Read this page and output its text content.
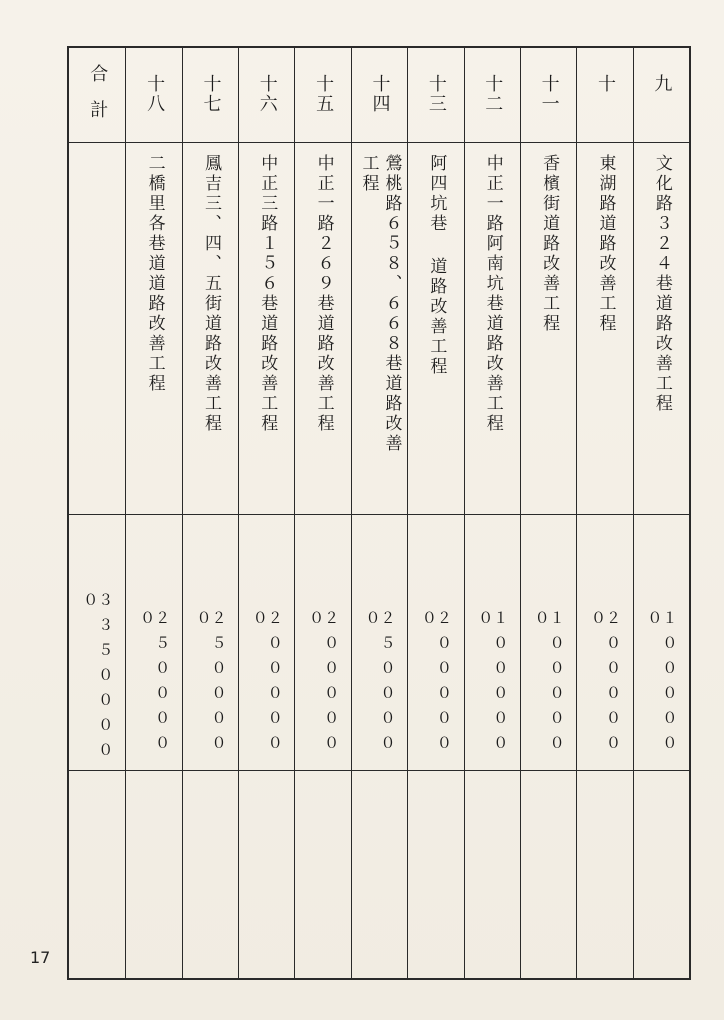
九
文化路３２４巷道路改善工程
１００００００
十
東湖路道路改善工程
２００００００
十一
香檳街道路改善工程
１００００００
十二
中正一路阿南坑巷道路改善工程
１００００００
十三
阿四坑巷 道路改善工程
２００００００
十四
鶯桃路６５８、６６８巷道路改善
工程
２５０００００
十五
中正一路２６９巷道路改善工程
２００００００
十六
中正三路１５６巷道路改善工程
２００００００
十七
鳳吉三、四、五街道路改善工程
２５０００００
十八
二橋里各巷道道路改善工程
２５０００００
合計
３３５０００００
17
